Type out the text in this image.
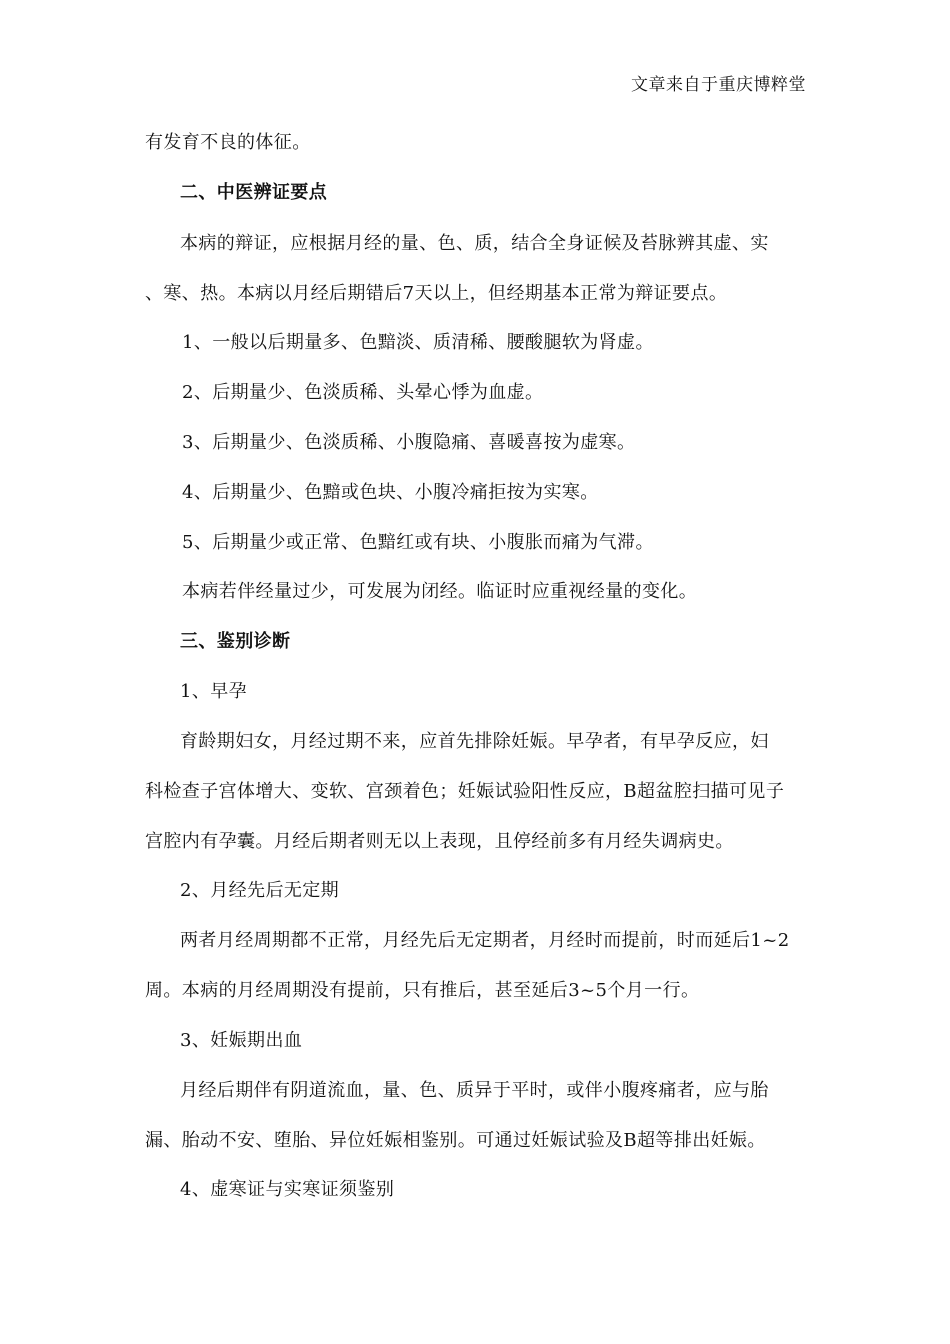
文章来自于重庆博粹堂
有发育不良的体征。
二、中医辨证要点
本病的辩证，应根据月经的量、色、质，结合全身证候及苔脉辨其虚、实
、寒、热。本病以月经后期错后7天以上，但经期基本正常为辩证要点。
1、一般以后期量多、色黯淡、质清稀、腰酸腿软为肾虚。
2、后期量少、色淡质稀、头晕心悸为血虚。
3、后期量少、色淡质稀、小腹隐痛、喜暖喜按为虚寒。
4、后期量少、色黯或色块、小腹冷痛拒按为实寒。
5、后期量少或正常、色黯红或有块、小腹胀而痛为气滞。
本病若伴经量过少，可发展为闭经。临证时应重视经量的变化。
三、鉴别诊断
1、早孕
育龄期妇女，月经过期不来，应首先排除妊娠。早孕者，有早孕反应，妇
科检查子宫体增大、变软、宫颈着色；妊娠试验阳性反应，B超盆腔扫描可见子
宫腔内有孕囊。月经后期者则无以上表现，且停经前多有月经失调病史。
2、月经先后无定期
两者月经周期都不正常，月经先后无定期者，月经时而提前，时而延后1~2
周。本病的月经周期没有提前，只有推后，甚至延后3~5个月一行。
3、妊娠期出血
月经后期伴有阴道流血，量、色、质异于平时，或伴小腹疼痛者，应与胎
漏、胎动不安、堕胎、异位妊娠相鉴别。可通过妊娠试验及B超等排出妊娠。
4、虚寒证与实寒证须鉴别
